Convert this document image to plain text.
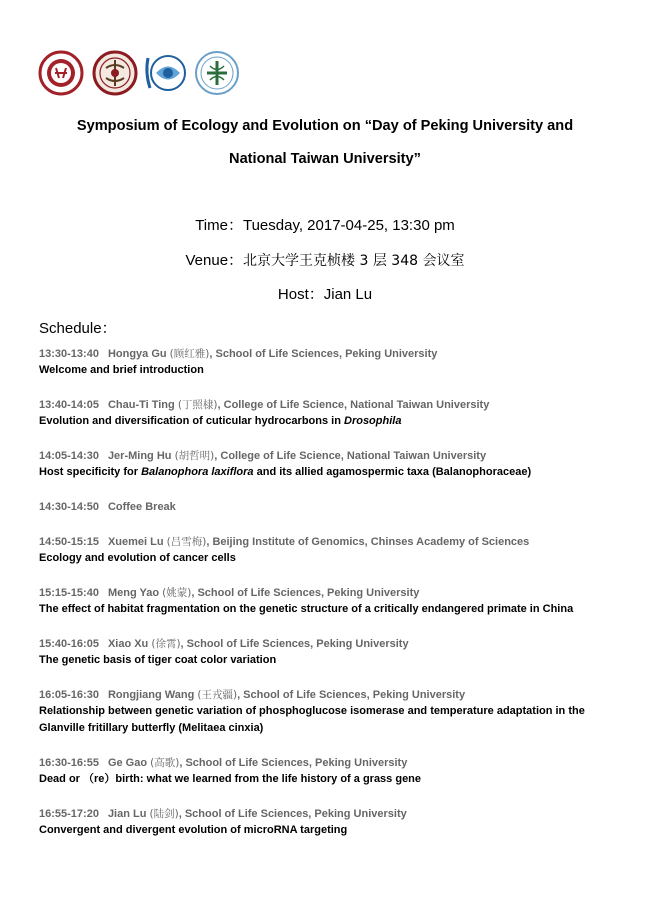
Symposium of Ecology and Evolution on “Day of Peking University and
National Taiwan University”
Time：Tuesday, 2017-04-25, 13:30 pm
Venue：北京大学王克桢楼 3 层 348 会议室
Host：Jian Lu
Schedule：
13:30-13:40 Hongya Gu (顾红雅), School of Life Sciences, Peking University
Welcome and brief introduction
13:40-14:05 Chau-Ti Ting (丁照棣), College of Life Science, National Taiwan University
Evolution and diversification of cuticular hydrocarbons in Drosophila
14:05-14:30 Jer-Ming Hu (胡哲明), College of Life Science, National Taiwan University
Host specificity for Balanophora laxiflora and its allied agamospermic taxa (Balanophoraceae)
14:30-14:50 Coffee Break
14:50-15:15 Xuemei Lu (吕雪梅), Beijing Institute of Genomics, Chinses Academy of Sciences
Ecology and evolution of cancer cells
15:15-15:40 Meng Yao (姚蒙), School of Life Sciences, Peking University
The effect of habitat fragmentation on the genetic structure of a critically endangered primate in China
15:40-16:05 Xiao Xu (徐霄), School of Life Sciences, Peking University
The genetic basis of tiger coat color variation
16:05-16:30 Rongjiang Wang (王戎疆), School of Life Sciences, Peking University
Relationship between genetic variation of phosphoglucose isomerase and temperature adaptation in the Glanville fritillary butterfly (Melitaea cinxia)
16:30-16:55 Ge Gao (高歌), School of Life Sciences, Peking University
Dead or （re）birth: what we learned from the life history of a grass gene
16:55-17:20 Jian Lu (陆剑), School of Life Sciences, Peking University
Convergent and divergent evolution of microRNA targeting
